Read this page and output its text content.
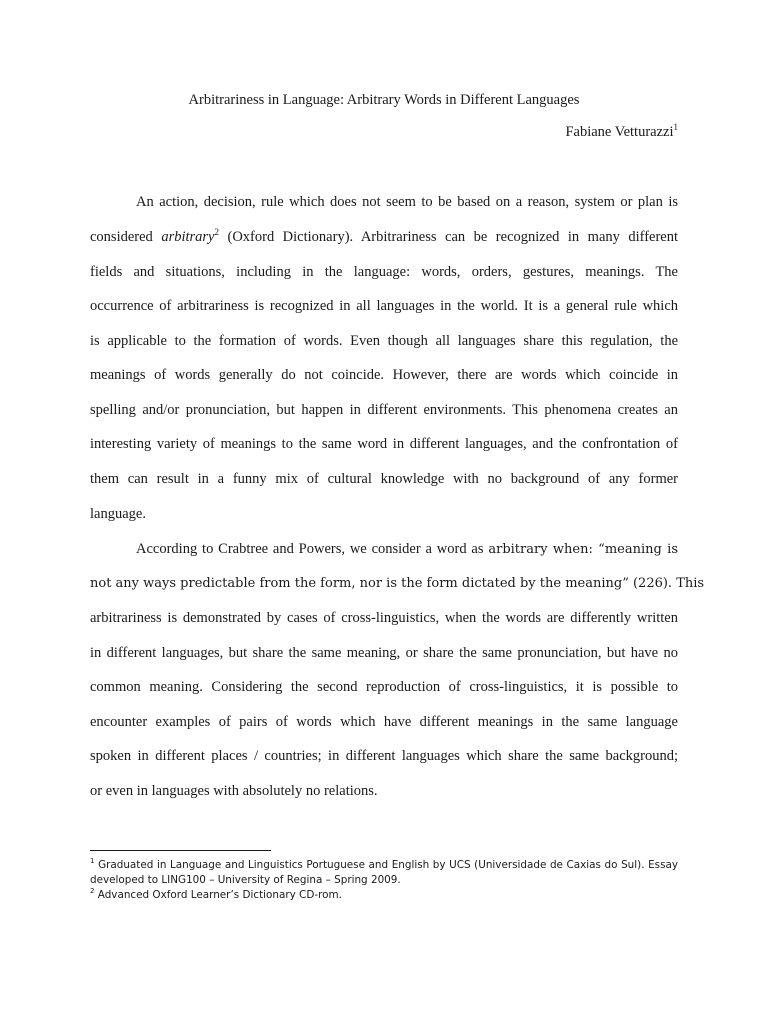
Arbitrariness in Language: Arbitrary Words in Different Languages
Fabiane Vetturazzi$^1$
An action, decision, rule which does not seem to be based on a reason, system or plan is
considered arbitrary$^2$ (Oxford Dictionary). Arbitrariness can be recognized in many different
fields and situations, including in the language: words, orders, gestures, meanings. The
occurrence of arbitrariness is recognized in all languages in the world. It is a general rule which
is applicable to the formation of words. Even though all languages share this regulation, the
meanings of words generally do not coincide. However, there are words which coincide in
spelling and/or pronunciation, but happen in different environments. This phenomena creates an
interesting variety of meanings to the same word in different languages, and the confrontation of
them can result in a funny mix of cultural knowledge with no background of any former
language.
According to Crabtree and Powers, we consider a word as arbitrary when: “meaning is
not any ways predictable from the form, nor is the form dictated by the meaning” (226). This
arbitrariness is demonstrated by cases of cross-linguistics, when the words are differently written
in different languages, but share the same meaning, or share the same pronunciation, but have no
common meaning. Considering the second reproduction of cross-linguistics, it is possible to
encounter examples of pairs of words which have different meanings in the same language
spoken in different places / countries; in different languages which share the same background;
or even in languages with absolutely no relations.
$^1$ Graduated in Language and Linguistics Portuguese and English by UCS (Universidade de Caxias do Sul). Essay
developed to LING100 – University of Regina – Spring 2009.
$^2$ Advanced Oxford Learner’s Dictionary CD-rom.
